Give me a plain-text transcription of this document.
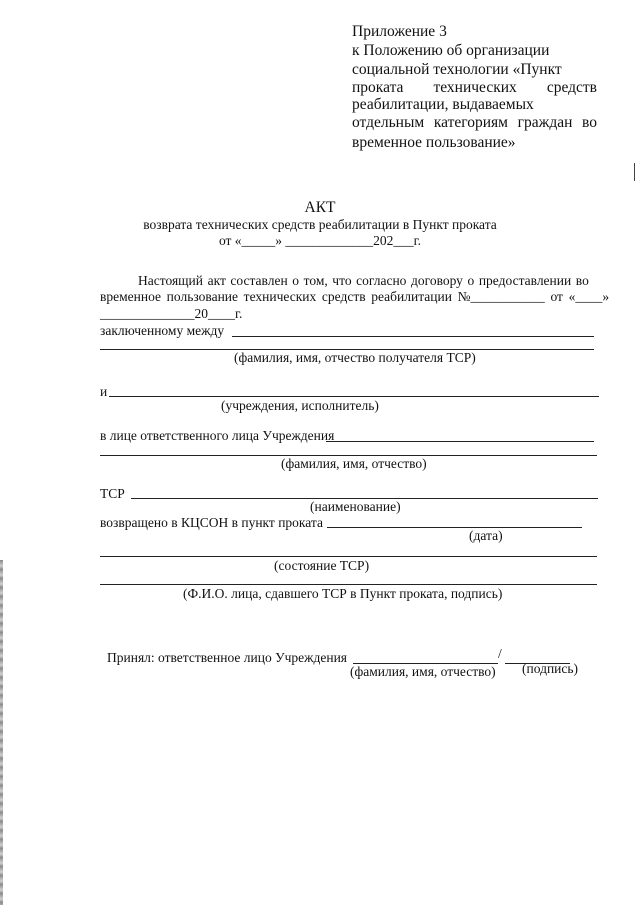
Приложение 3
к Положению об организации
социальной технологии «Пункт
проката технических средств
реабилитации, выдаваемых
отдельным категориям граждан во
временное пользование»
АКТ
возврата технических средств реабилитации в Пункт проката
от «_____» _____________202___г.
Настоящий акт составлен о том, что согласно договору о предоставлении во
временное пользование технических средств реабилитации №___________ от «____»
______________20____г.
заключенному между
(фамилия, имя, отчество получателя ТСР)
и
(учреждения, исполнитель)
в лице ответственного лица Учреждения
(фамилия, имя, отчество)
ТСР
(наименование)
возвращено в КЦСОН в пункт проката
(дата)
(состояние ТСР)
(Ф.И.О. лица, сдавшего ТСР в Пункт проката, подпись)
Принял: ответственное лицо Учреждения	/
(фамилия, имя, отчество) (подпись)
